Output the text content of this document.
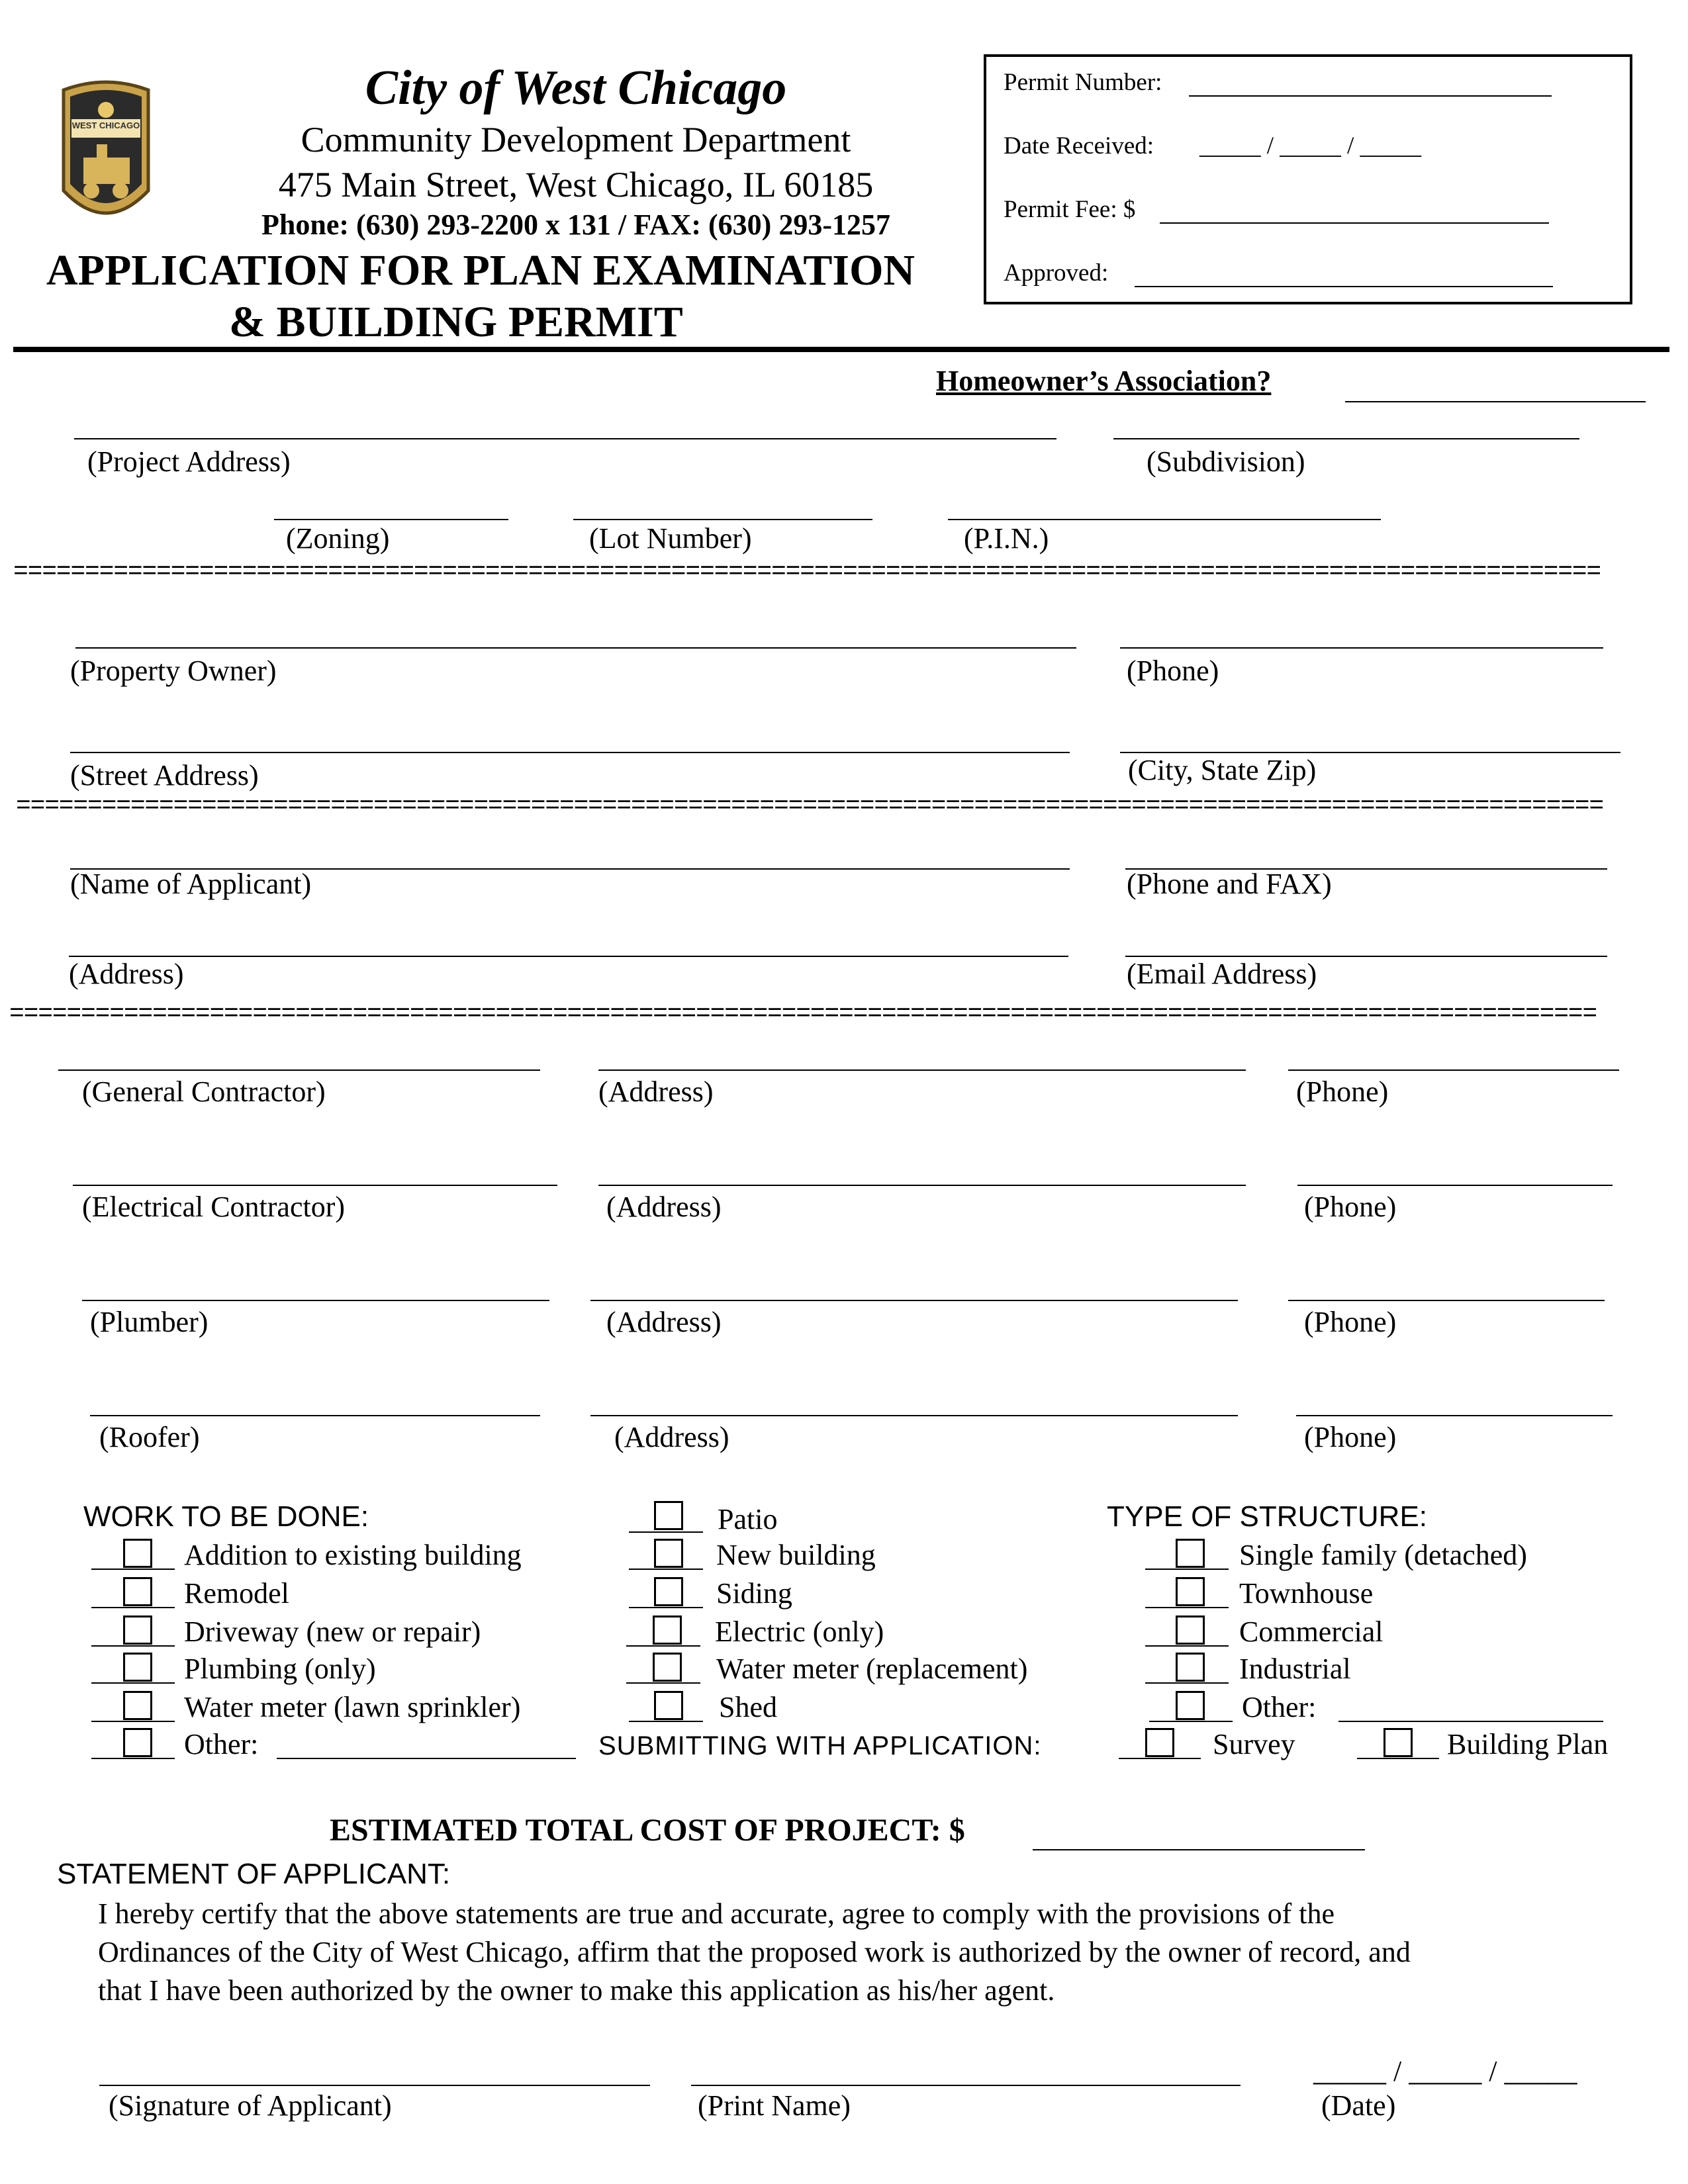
WEST CHICAGO
City of West Chicago
Community Development Department
475 Main Street, West Chicago, IL 60185
Phone: (630) 293-2200 x 131 / FAX: (630) 293-1257
APPLICATION FOR PLAN EXAMINATION
& BUILDING PERMIT
Permit Number:
Date Received: _____ / _____ / _____
Permit Fee: $
Approved:
Homeowner’s Association?
(Project Address)	(Subdivision)
(Zoning)	(Lot Number)	(P.I.N.)
===============================================================================================================
(Property Owner)	(Phone)
(Street Address)	(City, State Zip)
===============================================================================================================
(Name of Applicant)	(Phone and FAX)
(Address)	(Email Address)
===============================================================================================================
(General Contractor)	(Address)	(Phone)
(Electrical Contractor)	(Address)	(Phone)
(Plumber)	(Address)	(Phone)
(Roofer)	(Address)	(Phone)
WORK TO BE DONE:
Addition to existing building
Remodel
Driveway (new or repair)
Plumbing (only)
Water meter (lawn sprinkler)
Other:
Patio
New building
Siding
Electric (only)
Water meter (replacement)
Shed
TYPE OF STRUCTURE:
Single family (detached)
Townhouse
Commercial
Industrial
Other:
SUBMITTING WITH APPLICATION:	Survey	Building Plan
ESTIMATED TOTAL COST OF PROJECT: $
STATEMENT OF APPLICANT:
I hereby certify that the above statements are true and accurate, agree to comply with the provisions of the
Ordinances of the City of West Chicago, affirm that the proposed work is authorized by the owner of record, and
that I have been authorized by the owner to make this application as his/her agent.
_____ / _____ / _____
(Signature of Applicant)	(Print Name)	(Date)
